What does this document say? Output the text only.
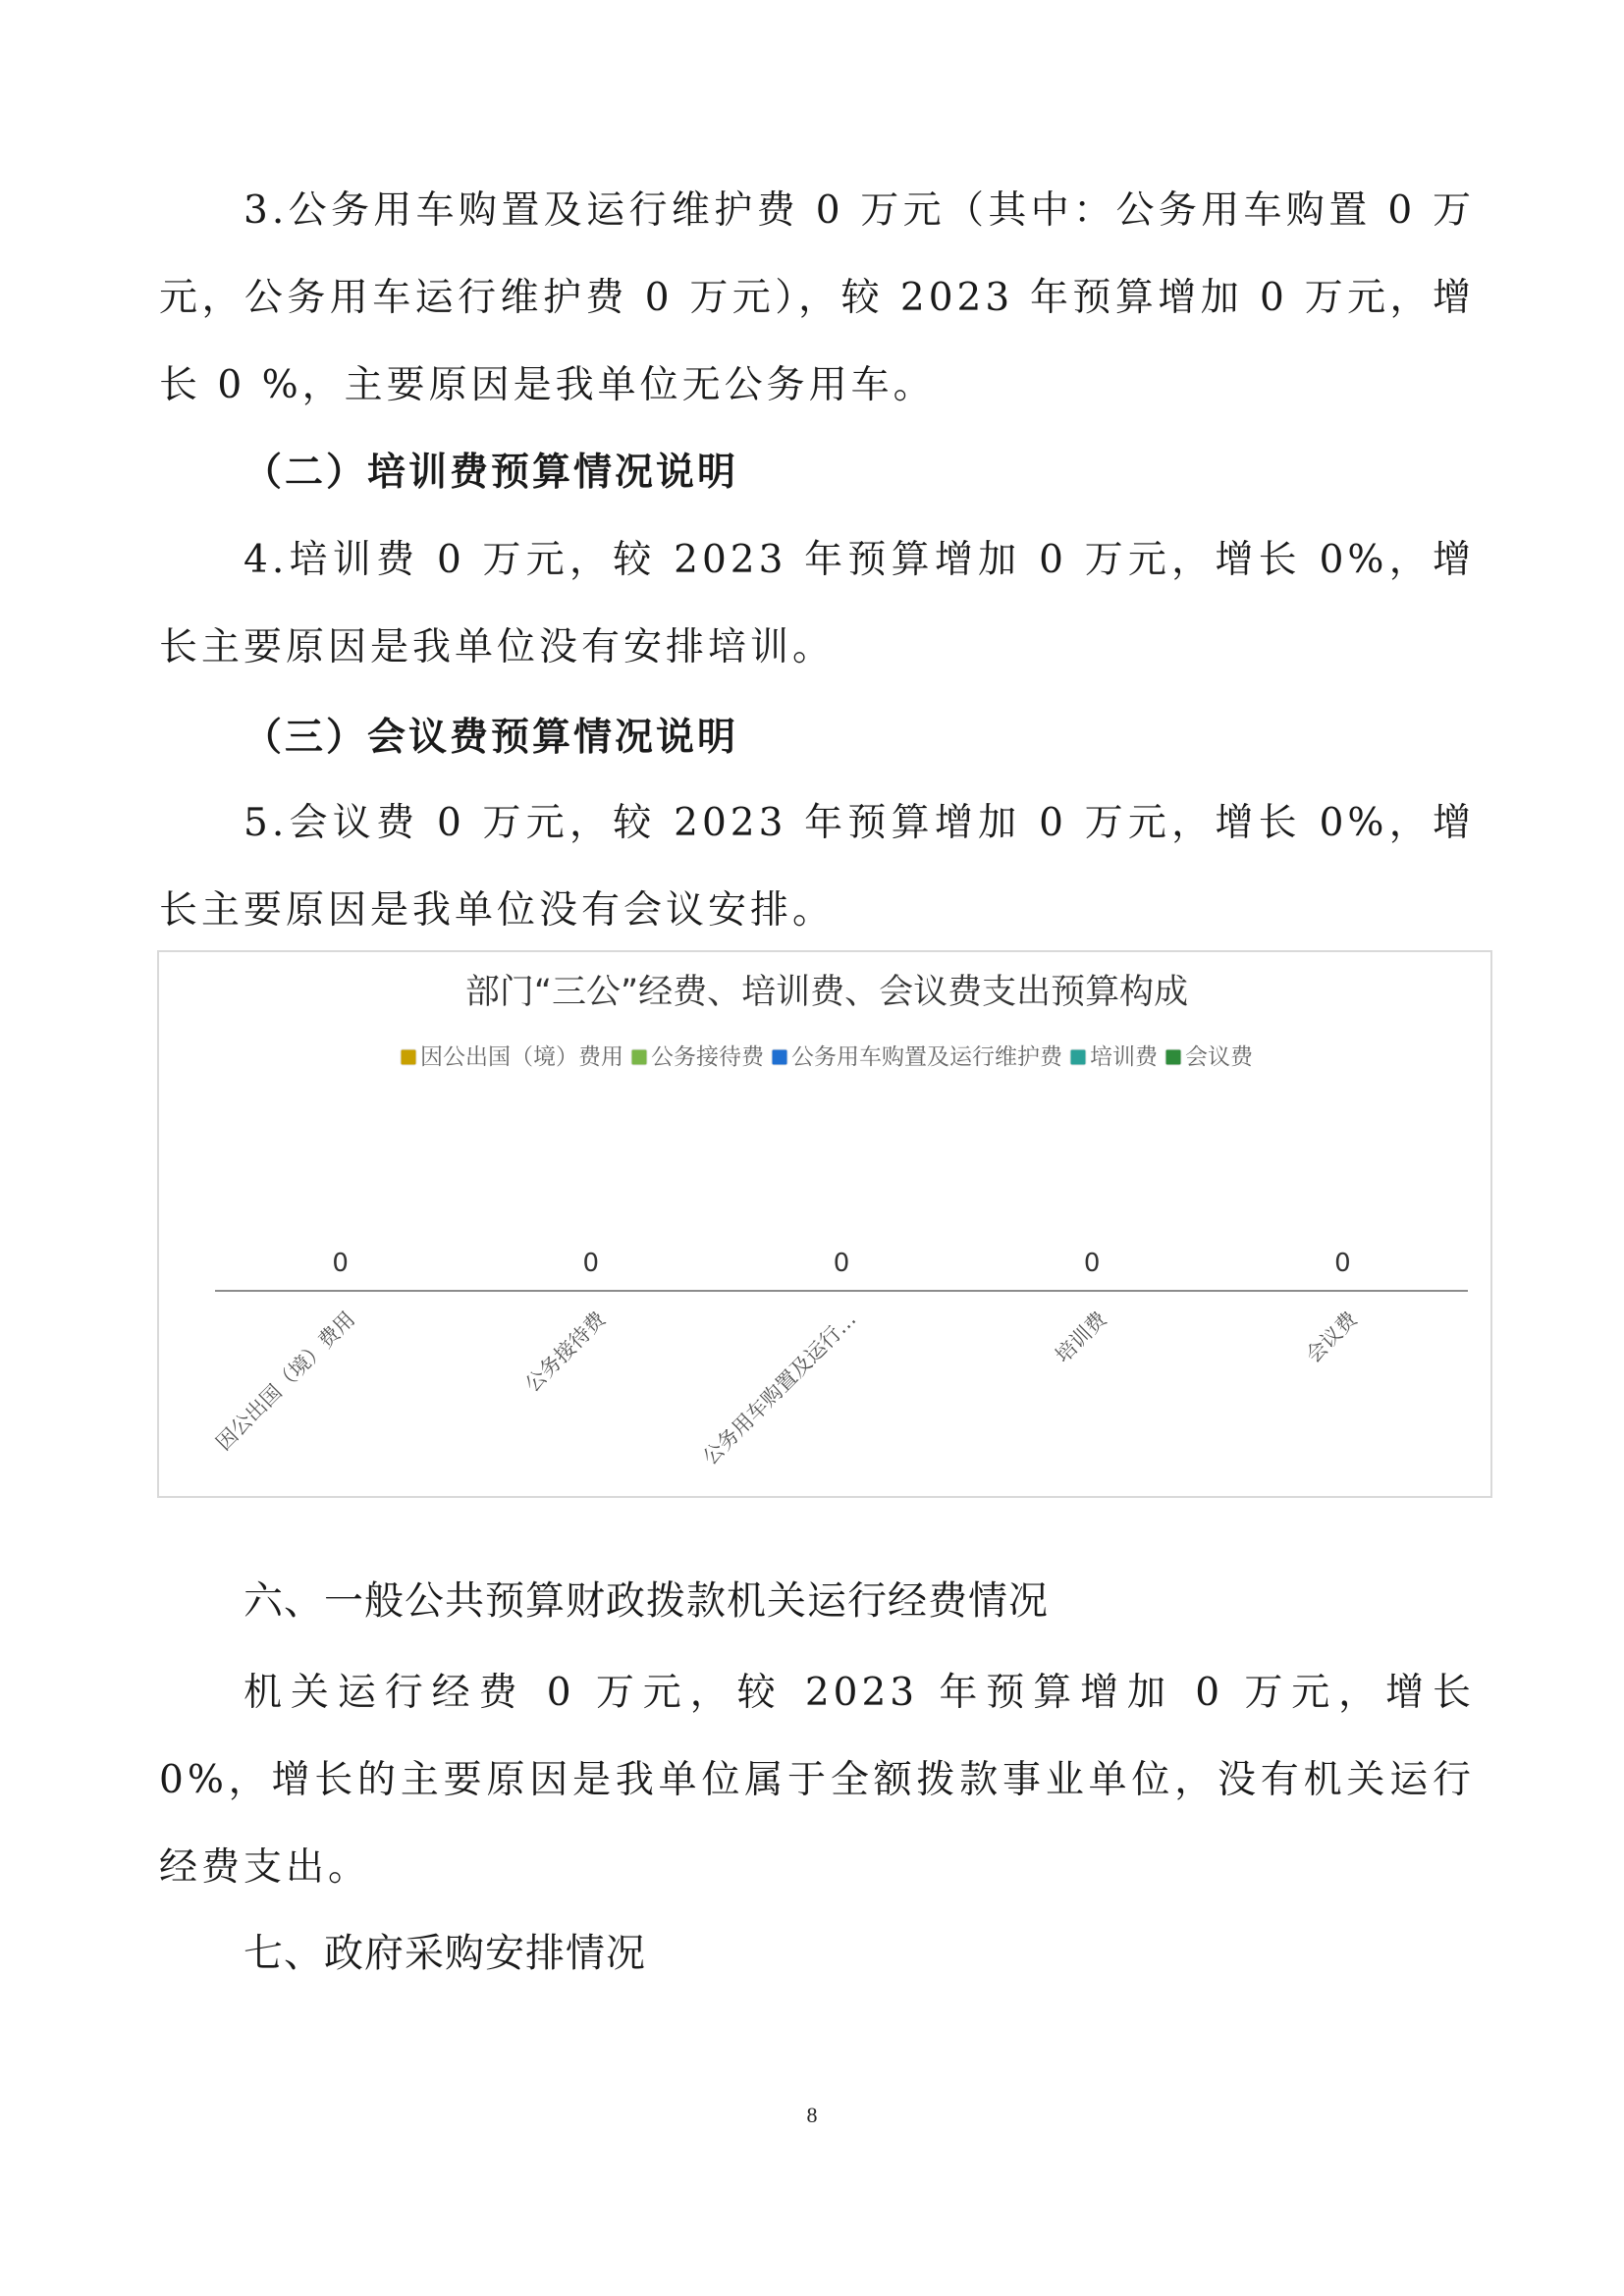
3.公务用车购置及运行维护费 0 万元（其中：公务用车购置 0 万元，公务用车运行维护费 0 万元），较 2023 年预算增加 0 万元，增长 0 %，主要原因是我单位无公务用车。

（二）培训费预算情况说明

4.培训费 0 万元，较 2023 年预算增加 0 万元，增长 0%，增长主要原因是我单位没有安排培训。

（三）会议费预算情况说明

5.会议费 0 万元，较 2023 年预算增加 0 万元，增长 0%，增长主要原因是我单位没有会议安排。

部门“三公”经费、培训费、会议费支出预算构成
因公出国（境）费用 公务接待费 公务用车购置及运行维护费 培训费 会议费
0	0	0	0	0
因公出国（境）费用	公务接待费	公务用车购置及运行…	培训费	会议费

六、一般公共预算财政拨款机关运行经费情况

机关运行经费 0 万元，较 2023 年预算增加 0 万元，增长 0%，增长的主要原因是我单位属于全额拨款事业单位，没有机关运行经费支出。

七、政府采购安排情况

8
